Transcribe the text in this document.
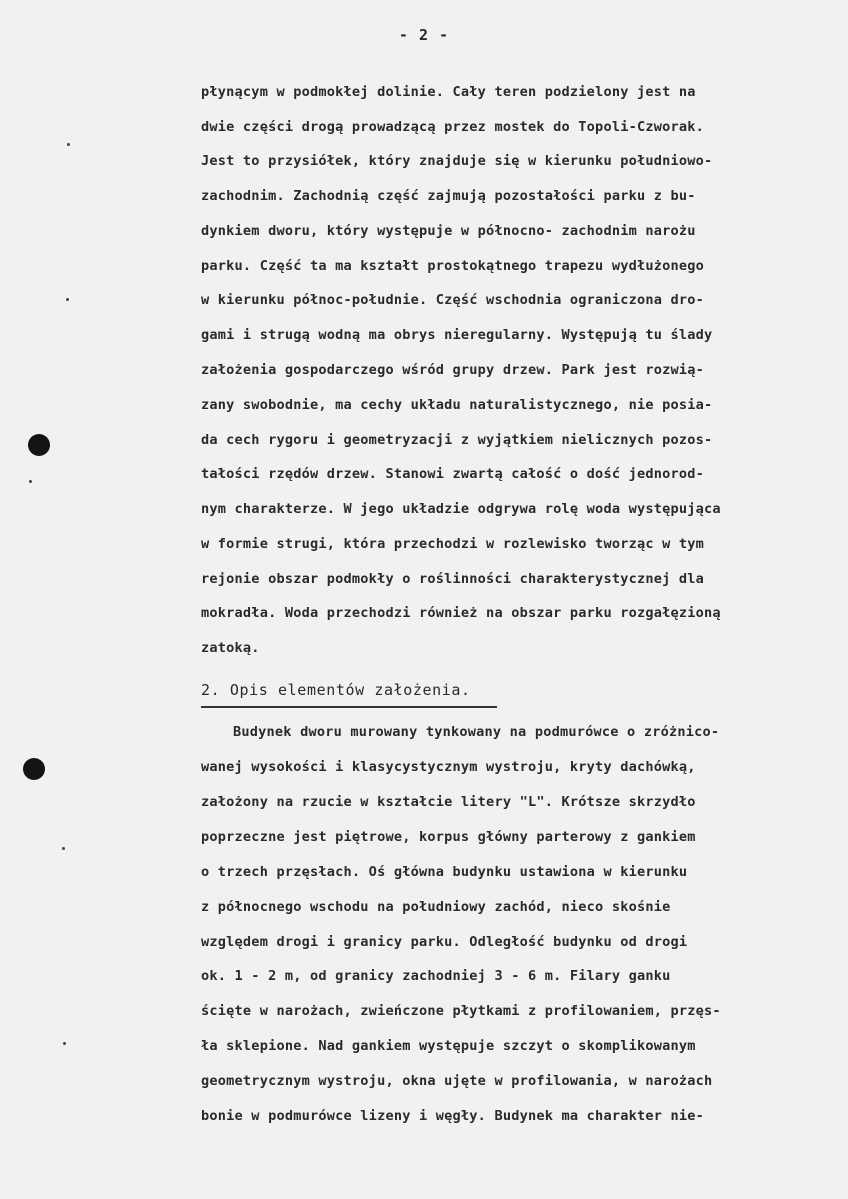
- 2 -
płynącym w podmokłej dolinie. Cały teren podzielony jest na
dwie części drogą prowadzącą przez mostek do Topoli-Czworak.
Jest to przysiółek, który znajduje się w kierunku południowo-
zachodnim. Zachodnią część zajmują pozostałości parku z bu-
dynkiem dworu, który występuje w północno- zachodnim narożu
parku. Część ta ma kształt prostokątnego trapezu wydłużonego
w kierunku północ-południe. Część wschodnia ograniczona dro-
gami i strugą wodną ma obrys nieregularny. Występują tu ślady
założenia gospodarczego wśród grupy drzew. Park jest rozwią-
zany swobodnie, ma cechy układu naturalistycznego, nie posia-
da cech rygoru i geometryzacji z wyjątkiem nielicznych pozos-
tałości rzędów drzew. Stanowi zwartą całość o dość jednorod-
nym charakterze. W jego układzie odgrywa rolę woda występująca
w formie strugi, która przechodzi w rozlewisko tworząc w tym
rejonie obszar podmokły o roślinności charakterystycznej dla
mokradła. Woda przechodzi również na obszar parku rozgałęzioną
zatoką.
2. Opis elementów założenia.
Budynek dworu murowany tynkowany na podmurówce o zróżnico-
wanej wysokości i klasycystycznym wystroju, kryty dachówką,
założony na rzucie w kształcie litery "L". Krótsze skrzydło
poprzeczne jest piętrowe, korpus główny parterowy z gankiem
o trzech przęsłach. Oś główna budynku ustawiona w kierunku
z północnego wschodu na południowy zachód, nieco skośnie
względem drogi i granicy parku. Odległość budynku od drogi
ok. 1 - 2 m, od granicy zachodniej 3 - 6 m. Filary ganku
ścięte w narożach, zwieńczone płytkami z profilowaniem, przęs-
ła sklepione. Nad gankiem występuje szczyt o skomplikowanym
geometrycznym wystroju, okna ujęte w profilowania, w narożach
bonie w podmurówce lizeny i węgły. Budynek ma charakter nie-
